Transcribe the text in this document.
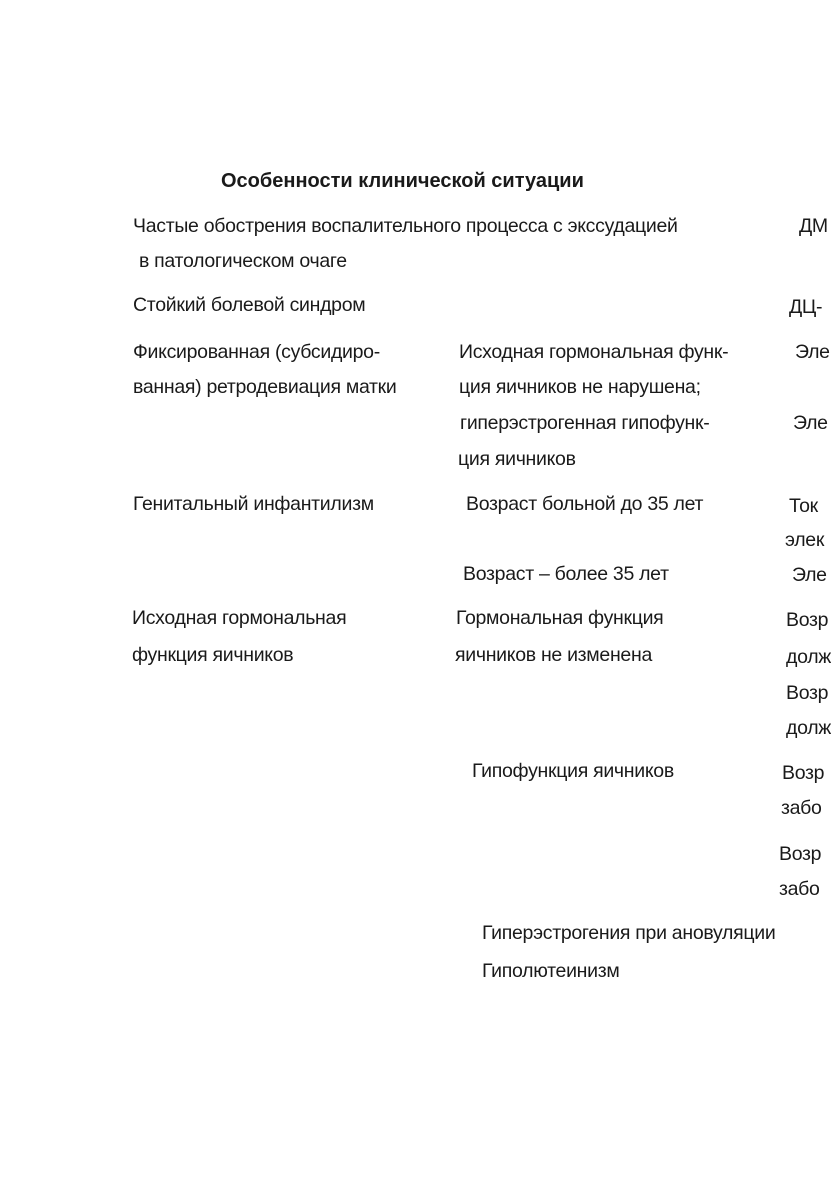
Особенности клинической ситуации
Частые обострения воспалительного процесса с экссудацией
в патологическом очаге
Стойкий болевой синдром
Фиксированная (субсидиро-
ванная) ретродевиация матки
Генитальный инфантилизм
Исходная гормональная
функция яичников
Исходная гормональная функ-
ция яичников не нарушена;
гиперэстрогенная гипофунк-
ция яичников
Возраст больной до 35 лет
Возраст – более 35 лет
Гормональная функция
яичников не изменена
Гипофункция яичников
Гиперэстрогения при ановуляции
Гиполютеинизм
ДМ
ДЦ-
Эле
Эле
Ток
элек
Эле
Возр
долж
Возр
долж
Возр
забо
Возр
забо
